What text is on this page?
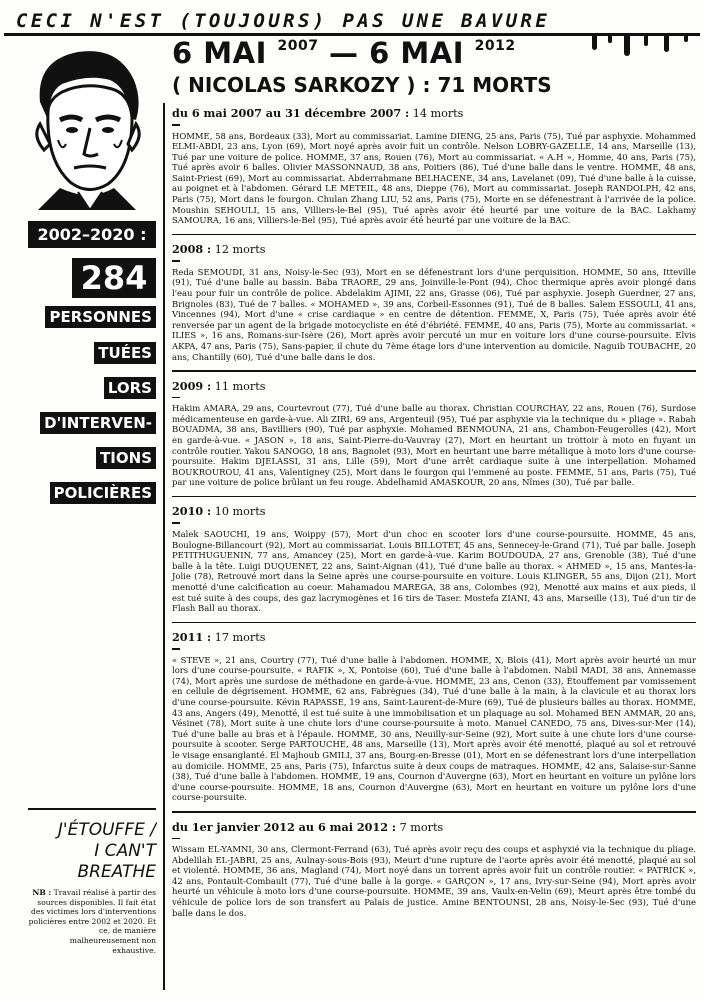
CECI N'EST (TOUJOURS) PAS UNE BAVURE
6 MAI $^{2007}$ — 6 MAI $^{2012}$
( NICOLAS SARKOZY ) : 71 MORTS
2002–2020 :
284
PERSONNES
TUÉES
LORS
D'INTERVEN-
TIONS
POLICIÈRES
J'ÉTOUFFE /
I CAN'T
BREATHE
NB : Travail réalisé à partir des sources disponibles. Il fait état des victimes lors d'interventions policières entre 2002 et 2020. Et ce, de manière malheureusement non exhaustive.

du 6 mai 2007 au 31 décembre 2007 : 14 morts

HOMME, 58 ans, Bordeaux (33), Mort au commissariat. Lamine DIENG, 25 ans, Paris (75), Tué par asphyxie. Mohammed ELMI-ABDI, 23 ans, Lyon (69), Mort noyé après avoir fuit un contrôle. Nelson LOBRY-GAZELLE, 14 ans, Marseille (13), Tué par une voiture de police. HOMME, 37 ans, Rouen (76), Mort au commissariat. « A.H », Homme, 40 ans, Paris (75), Tué après avoir 6 balles. Olivier MASSONNAUD, 38 ans, Poitiers (86), Tué d'une balle dans le ventre. HOMME, 48 ans, Saint-Priest (69), Mort au commissariat. Abderrahmane BELHACENE, 34 ans, Lavelanet (09), Tué d'une balle à la cuisse, au poignet et à l'abdomen. Gérard LE METEIL, 48 ans, Dieppe (76), Mort au commissariat. Joseph RANDOLPH, 42 ans, Paris (75), Mort dans le fourgon. Chulan Zhang LIU, 52 ans, Paris (75), Morte en se défenestrant à l'arrivée de la police. Moushin SEHOULI, 15 ans, Villiers-le-Bel (95), Tué après avoir été heurté par une voiture de la BAC. Lakhamy SAMOURA, 16 ans, Villiers-le-Bel (95), Tué après avoir été heurté par une voiture de la BAC.

2008 : 12 morts

Reda SEMOUDI, 31 ans, Noisy-le-Sec (93), Mort en se défenestrant lors d'une perquisition. HOMME, 50 ans, Itteville (91), Tué d'une balle au bassin. Baba TRAORE, 29 ans, Joinville-le-Pont (94), Choc thermique après avoir plongé dans l'eau pour fuir un contrôle de police. Abdelakim AJIMI, 22 ans, Grasse (06), Tué par asphyxie. Joseph Guerdner, 27 ans, Brignoles (83), Tué de 7 balles. « MOHAMED », 39 ans, Corbeil-Essonnes (91), Tué de 8 balles. Salem ESSOULI, 41 ans, Vincennes (94), Mort d'une « crise cardiaque » en centre de détention. FEMME, X, Paris (75), Tuée après avoir été renversée par un agent de la brigade motocycliste en été d'ébriété. FEMME, 40 ans, Paris (75), Morte au commissariat. « ILIES », 16 ans, Romans-sur-Isère (26), Mort après avoir percuté un mur en voiture lors d'une course-poursuite. Elvis AKPA, 47 ans, Paris (75), Sans-papier, il chute du 7ème étage lors d'une intervention au domicile. Naguib TOUBACHE, 20 ans, Chantilly (60), Tué d'une balle dans le dos.

2009 : 11 morts

Hakim AMARA, 29 ans, Courtevrout (77), Tué d'une balle au thorax. Christian COURCHAY, 22 ans, Rouen (76), Surdose médicamenteuse en garde-à-vue. Ali ZIRI, 69 ans, Argenteuil (95), Tué par asphyxie via la technique du « pliage ». Rabah BOUADMA, 38 ans, Bavilliers (90), Tué par asphyxie. Mohamed BENMOUNA, 21 ans, Chambon-Feugerolles (42), Mort en garde-à-vue. « JASON », 18 ans, Saint-Pierre-du-Vauvray (27), Mort en heurtant un trottoir à moto en fuyant un contrôle routier. Yakou SANOGO, 18 ans, Bagnolet (93), Mort en heurtant une barre métallique à moto lors d'une course-poursuite. Hakim DJELASSI, 31 ans, Lille (59), Mort d'une arrêt cardiaque suite à une interpellation. Mohamed BOUKROUROU, 41 ans, Valentigney (25), Mort dans le fourgon qui l'emmené au poste. FEMME, 51 ans, Paris (75), Tué par une voiture de police brûlant un feu rouge. Abdelhamid AMASKOUR, 20 ans, Nîmes (30), Tué par balle.

2010 : 10 morts

Malek SAOUCHI, 19 ans, Woippy (57), Mort d'un choc en scooter lors d'une course-poursuite. HOMME, 45 ans, Boulogne-Billancourt (92), Mort au commissariat. Louis BILLOTET, 45 ans, Sennecey-le-Grand (71), Tué par balle. Joseph PETITHUGUENIN, 77 ans, Amancey (25), Mort en garde-à-vue. Karim BOUDOUDA, 27 ans, Grenoble (38), Tué d'une balle à la tête. Luigi DUQUENET, 22 ans, Saint-Aignan (41), Tué d'une balle au thorax. « AHMED », 15 ans, Mantes-la-Jolie (78), Retrouvé mort dans la Seine après une course-poursuite en voiture. Louis KLINGER, 55 ans, Dijon (21), Mort menotté d'une calcification au coeur. Mahamadou MAREGA, 38 ans, Colombes (92), Menotté aux mains et aux pieds, il est tué suite à des coups, des gaz lacrymogènes et 16 tirs de Taser. Mostefa ZIANI, 43 ans, Marseille (13), Tué d'un tir de Flash Ball au thorax.

2011 : 17 morts

« STEVE », 21 ans, Courtry (77), Tué d'une balle à l'abdomen. HOMME, X, Blois (41), Mort après avoir heurté un mur lors d'une course-poursuite. « RAFIK », X, Pontoise (60), Tué d'une balle à l'abdomen. Nabil MADI, 38 ans, Annemasse (74), Mort après une surdose de méthadone en garde-à-vue. HOMME, 23 ans, Cenon (33), Étouffement par vomissement en cellule de dégrisement. HOMME, 62 ans, Fabrègues (34), Tué d'une balle à la main, à la clavicule et au thorax lors d'une course-poursuite. Kévin RAPASSE, 19 ans, Saint-Laurent-de-Mure (69), Tué de plusieurs balles au thorax. HOMME, 43 ans, Angers (49), Menotté, il est tué suite à une immobilisation et un plaquage au sol. Mohamed BEN AMMAR, 20 ans, Vésinet (78), Mort suite à une chute lors d'une course-poursuite à moto. Manuel CANEDO, 75 ans, Dives-sur-Mer (14), Tué d'une balle au bras et à l'épaule. HOMME, 30 ans, Neuilly-sur-Seine (92), Mort suite à une chute lors d'une course-poursuite à scooter. Serge PARTOUCHE, 48 ans, Marseille (13), Mort après avoir été menotté, plaqué au sol et retrouvé le visage ensanglanté. El Majhoub GMILI, 37 ans, Bourg-en-Bresse (01), Mort en se défenestrant lors d'une interpellation au domicile. HOMME, 25 ans, Paris (75), Infarctus suite à deux coups de matraques. HOMME, 42 ans, Salaise-sur-Sanne (38), Tué d'une balle à l'abdomen. HOMME, 19 ans, Cournon d'Auvergne (63), Mort en heurtant en voiture un pylône lors d'une course-poursuite. HOMME, 18 ans, Cournon d'Auvergne (63), Mort en heurtant en voiture un pylône lors d'une course-poursuite.

du 1er janvier 2012 au 6 mai 2012 : 7 morts

Wissam EL-YAMNI, 30 ans, Clermont-Ferrand (63), Tué après avoir reçu des coups et asphyxié via la technique du pliage. Abdelilah EL-JABRI, 25 ans, Aulnay-sous-Bois (93), Meurt d'une rupture de l'aorte après avoir été menotté, plaqué au sol et violenté. HOMME, 36 ans, Magland (74), Mort noyé dans un torrent après avoir fuit un contrôle routier. « PATRICK », 42 ans, Pontault-Combault (77), Tué d'une balle à la gorge. « GARÇON », 17 ans, Ivry-sur-Seine (94), Mort après avoir heurté un véhicule à moto lors d'une course-poursuite. HOMME, 39 ans, Vaulx-en-Velin (69), Meurt après être tombé du véhicule de police lors de son transfert au Palais de justice. Amine BENTOUNSI, 28 ans, Noisy-le-Sec (93), Tué d'une balle dans le dos.
